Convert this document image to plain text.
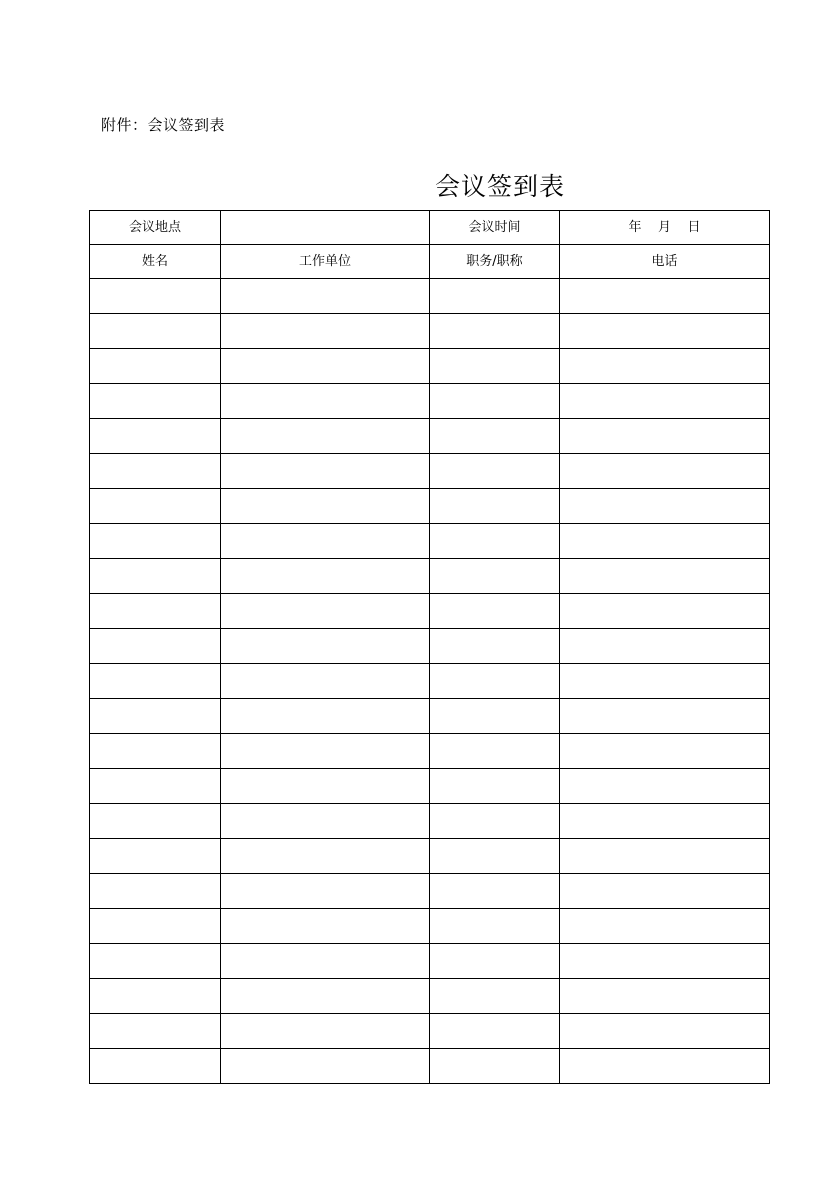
附件：会议签到表
会议签到表
会议地点		会议时间	年    月    日
姓名	工作单位	职务/职称	电话
